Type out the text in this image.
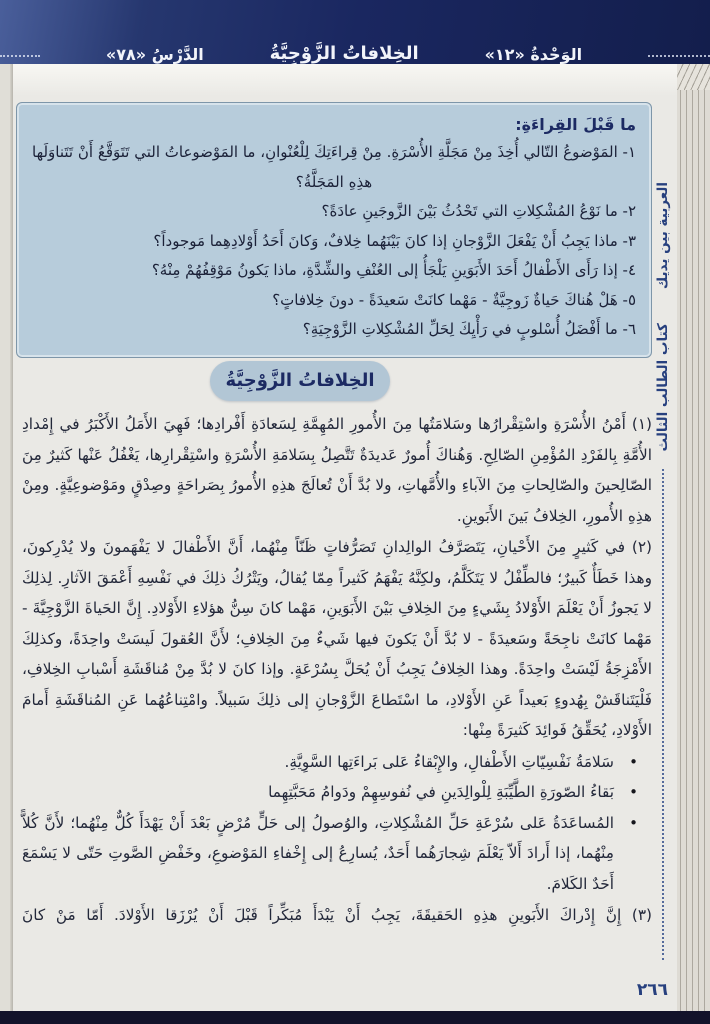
الوَحْدةُ «١٢»
الخِلافاتُ الزَّوْجِيَّةُ
الدَّرْسُ «٧٨»
ما قَبْلَ القِراءَةِ:
١- المَوْضوعُ التّالي أُخِذَ مِنْ مَجَلَّةِ الأُسْرَةِ. مِنْ قِراءَتِكَ لِلْعُنْوانِ، ما المَوْضوعاتُ التي تَتَوَقَّعُ أَنْ تَتَناوَلَها هذِهِ المَجَلَّةُ؟
٢- ما نَوْعُ المُشْكِلاتِ التي تَحْدُثُ بَيْنَ الزَّوجَينِ عادَةً؟
٣- ماذا يَجِبُ أَنْ يَفْعَلَ الزَّوْجانِ إذا كانَ بَيْنَهُما خِلافٌ، وَكانَ أَحَدُ أَوْلادِهِما مَوجوداً؟
٤- إذا رَأَى الأَطْفالُ أَحَدَ الأَبَوَينِ يَلْجَأُ إلى العُنْفِ والشِّدَّةِ، ماذا يَكونُ مَوْقِفُهُمْ مِنْهُ؟
٥- هَلْ هُناكَ حَياةٌ زَوجِيَّةٌ - مَهْما كانَتْ سَعيدَةً - دونَ خِلافاتٍ؟
٦- ما أَفْضَلُ أُسْلوبٍ في رَأْيِكَ لِحَلِّ المُشْكِلاتِ الزَّوْجِيَةِ؟
الخِلافاتُ الزَّوْجِيَّةُ
(١) أَمْنُ الأُسْرَةِ واسْتِقْرارُها وسَلامَتُها مِنَ الأُمورِ المُهِمَّةِ لِسَعادَةِ أَفْرادِها؛ فَهِيَ الأَمَلُ الأَكْبَرُ في إِمْدادِ الأُمَّةِ بِالفَرْدِ المُؤْمِنِ الصّالِحِ. وَهُناكَ أُمورٌ عَديدَةٌ تَتَّصِلُ بِسَلامَةِ الأُسْرَةِ واسْتِقْرارِها، يَغْفُلُ عَنْها كَثيرٌ مِنَ الصّالِحينَ والصّالِحاتِ مِنَ الآباءِ والأُمَّهاتِ، ولا بُدَّ أَنْ تُعالَجَ هذِهِ الأُمورُ بِصَراحَةٍ وصِدْقٍ ومَوْضوعِيَّةٍ. ومِنْ هذِهِ الأُمورِ، الخِلافُ بَينَ الأَبَوينِ.
(٢) في كَثيرٍ مِنَ الأَحْيانِ، يَتَصَرَّفُ الوالِدانِ تَصَرُّفاتٍ ظَنّاً مِنْهُما، أَنَّ الأَطْفالَ لا يَفْهَمونَ ولا يُدْرِكونَ، وهذا خَطَأٌ كَبيرٌ؛ فالطِّفْلُ لا يَتَكَلَّمُ، ولكِنَّهُ يَفْهَمُ كَثيراً مِمّا يُقالُ، ويَتْرُكُ ذلِكَ في نَفْسِهِ أَعْمَقَ الآثارِ. لِذلِكَ لا يَجوزُ أَنْ يَعْلَمَ الأَوْلادُ بِشَيءٍ مِنَ الخِلافِ بَيْنَ الأَبَوَينِ، مَهْما كانَ سِنُّ هؤلاءِ الأَوْلادِ. إِنَّ الحَياةَ الزَّوْجِيَّةَ - مَهْما كانَتْ ناجِحَةً وسَعيدَةً - لا بُدَّ أَنْ يَكونَ فيها شَيءٌ مِنَ الخِلافِ؛ لأَنَّ العُقولَ لَيسَتْ واحِدَةً، وكذلِكَ الأَمْزِجَةُ لَيْسَتْ واحِدَةً. وهذا الخِلافُ يَجِبُ أَنْ يُحَلَّ بِسُرْعَةٍ. وإذا كانَ لا بُدَّ مِنْ مُناقَشَةِ أَسْبابِ الخِلافِ، فَلْيَتَناقَشْ بِهُدوءٍ بَعيداً عَنِ الأَوْلادِ، ما اسْتَطاعَ الزَّوْجانِ إلى ذلِكَ سَبيلاً. وامْتِناعُهُما عَنِ المُناقَشَةِ أَمامَ الأَوْلادِ، يُحَقِّقُ فَوائِدَ كَثيرَةً مِنْها:
• سَلامَةُ نَفْسِيّاتِ الأَطْفالِ، والإِبْقاءُ عَلى بَراءَتِها السَّوِيَّةِ.
• بَقاءُ الصّورَةِ الطَّيِّبَةِ لِلْوالِدَينِ في نُفوسِهِمْ ودَوامُ مَحَبَّتِهِما
• المُساعَدَةُ عَلى سُرْعَةِ حَلِّ المُشْكِلاتِ، والوُصولُ إلى حَلٍّ مُرْضٍ بَعْدَ أَنْ يَهْدَأَ كُلٌّ مِنْهُما؛ لأَنَّ كُلاًّ مِنْهُما، إذا أَرادَ أَلاّ يَعْلَمَ شِجارَهُما أَحَدٌ، يُسارِعُ إلى إِخْفاءِ المَوْضوعِ، وخَفْضِ الصَّوتِ حَتّى لا يَسْمَعَ أَحَدٌ الكَلامَ.
(٣) إِنَّ إِدْراكَ الأَبَوينِ هذِهِ الحَقيقَةَ، يَجِبُ أَنْ يَبْدَأَ مُبَكِّراً قَبْلَ أَنْ يُرْزَقا الأَوْلادَ. أَمّا مَنْ كانَ
العربية بين يديك
كتاب الطالب الثالث
٢٦٦
